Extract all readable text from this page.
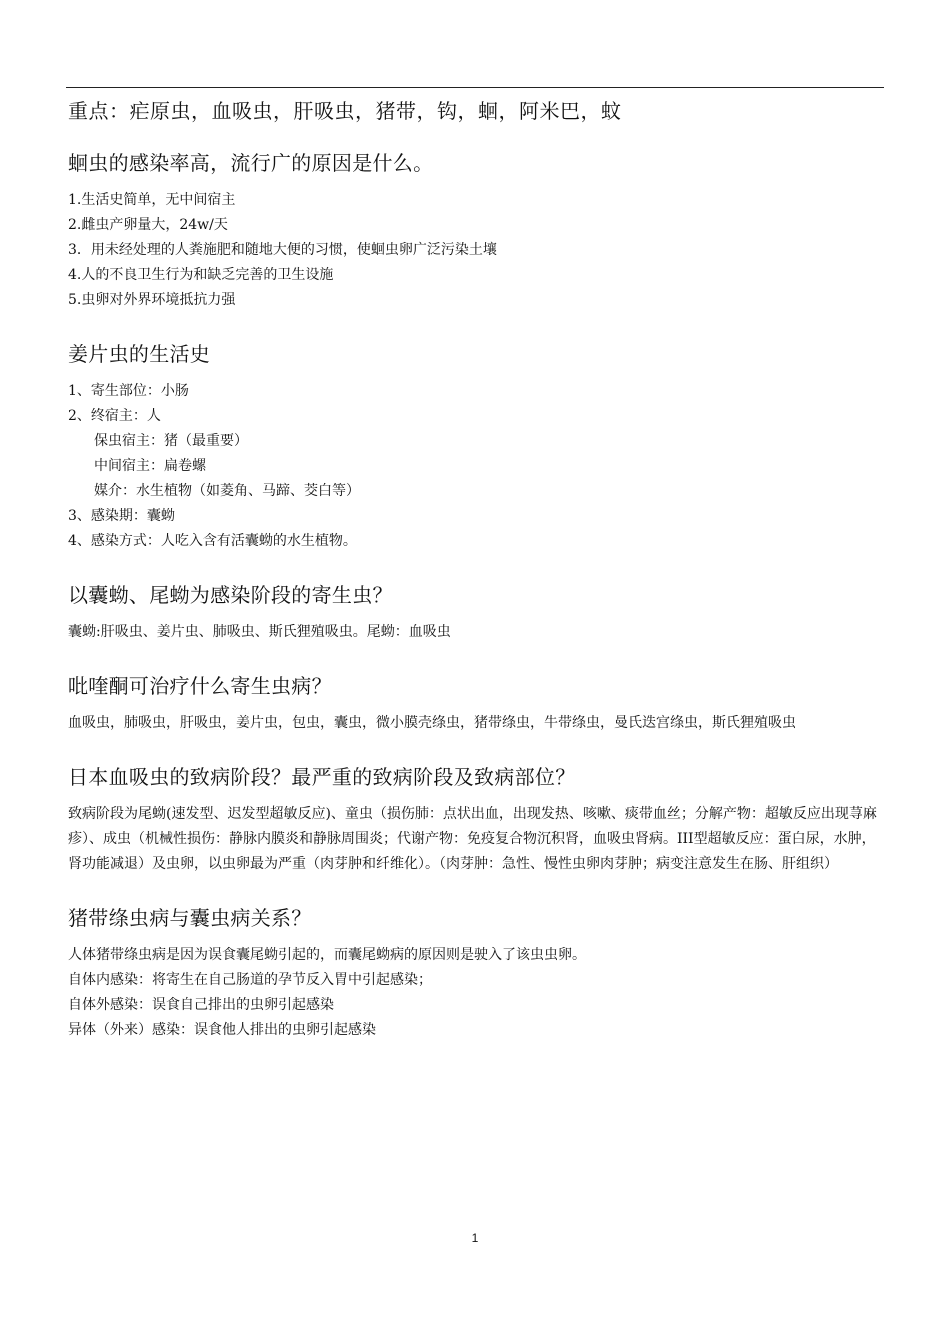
重点：疟原虫，血吸虫，肝吸虫，猪带，钩，蛔，阿米巴，蚊
蛔虫的感染率高，流行广的原因是什么。

1.生活史简单，无中间宿主

2.雌虫产卵量大，24w/天

3．用未经处理的人粪施肥和随地大便的习惯，使蛔虫卵广泛污染土壤

4.人的不良卫生行为和缺乏完善的卫生设施

5.虫卵对外界环境抵抗力强

姜片虫的生活史

1、寄生部位：小肠

2、终宿主：人

保虫宿主：猪（最重要）

中间宿主：扁卷螺

媒介：水生植物（如菱角、马蹄、茭白等）

3、感染期：囊蚴

4、感染方式：人吃入含有活囊蚴的水生植物。

以囊蚴、尾蚴为感染阶段的寄生虫？

囊蚴:肝吸虫、姜片虫、肺吸虫、斯氏狸殖吸虫。尾蚴：血吸虫

吡喹酮可治疗什么寄生虫病？

血吸虫，肺吸虫，肝吸虫，姜片虫，包虫，囊虫，微小膜壳绦虫，猪带绦虫，牛带绦虫，曼氏迭宫绦虫，斯氏狸殖吸虫

日本血吸虫的致病阶段？最严重的致病阶段及致病部位？

致病阶段为尾蚴(速发型、迟发型超敏反应)、童虫（损伤肺：点状出血，出现发热、咳嗽、痰带血丝；分解产物：超敏反应出现荨麻疹）、成虫（机械性损伤：静脉内膜炎和静脉周围炎；代谢产物：免疫复合物沉积肾，血吸虫肾病。III型超敏反应：蛋白尿，水肿，肾功能减退）及虫卵，以虫卵最为严重（肉芽肿和纤维化）。（肉芽肿：急性、慢性虫卵肉芽肿；病变注意发生在肠、肝组织）

猪带绦虫病与囊虫病关系？

人体猪带绦虫病是因为误食囊尾蚴引起的，而囊尾蚴病的原因则是驶入了该虫虫卵。

自体内感染：将寄生在自己肠道的孕节反入胃中引起感染；

自体外感染：误食自己排出的虫卵引起感染

异体（外来）感染：误食他人排出的虫卵引起感染

1
